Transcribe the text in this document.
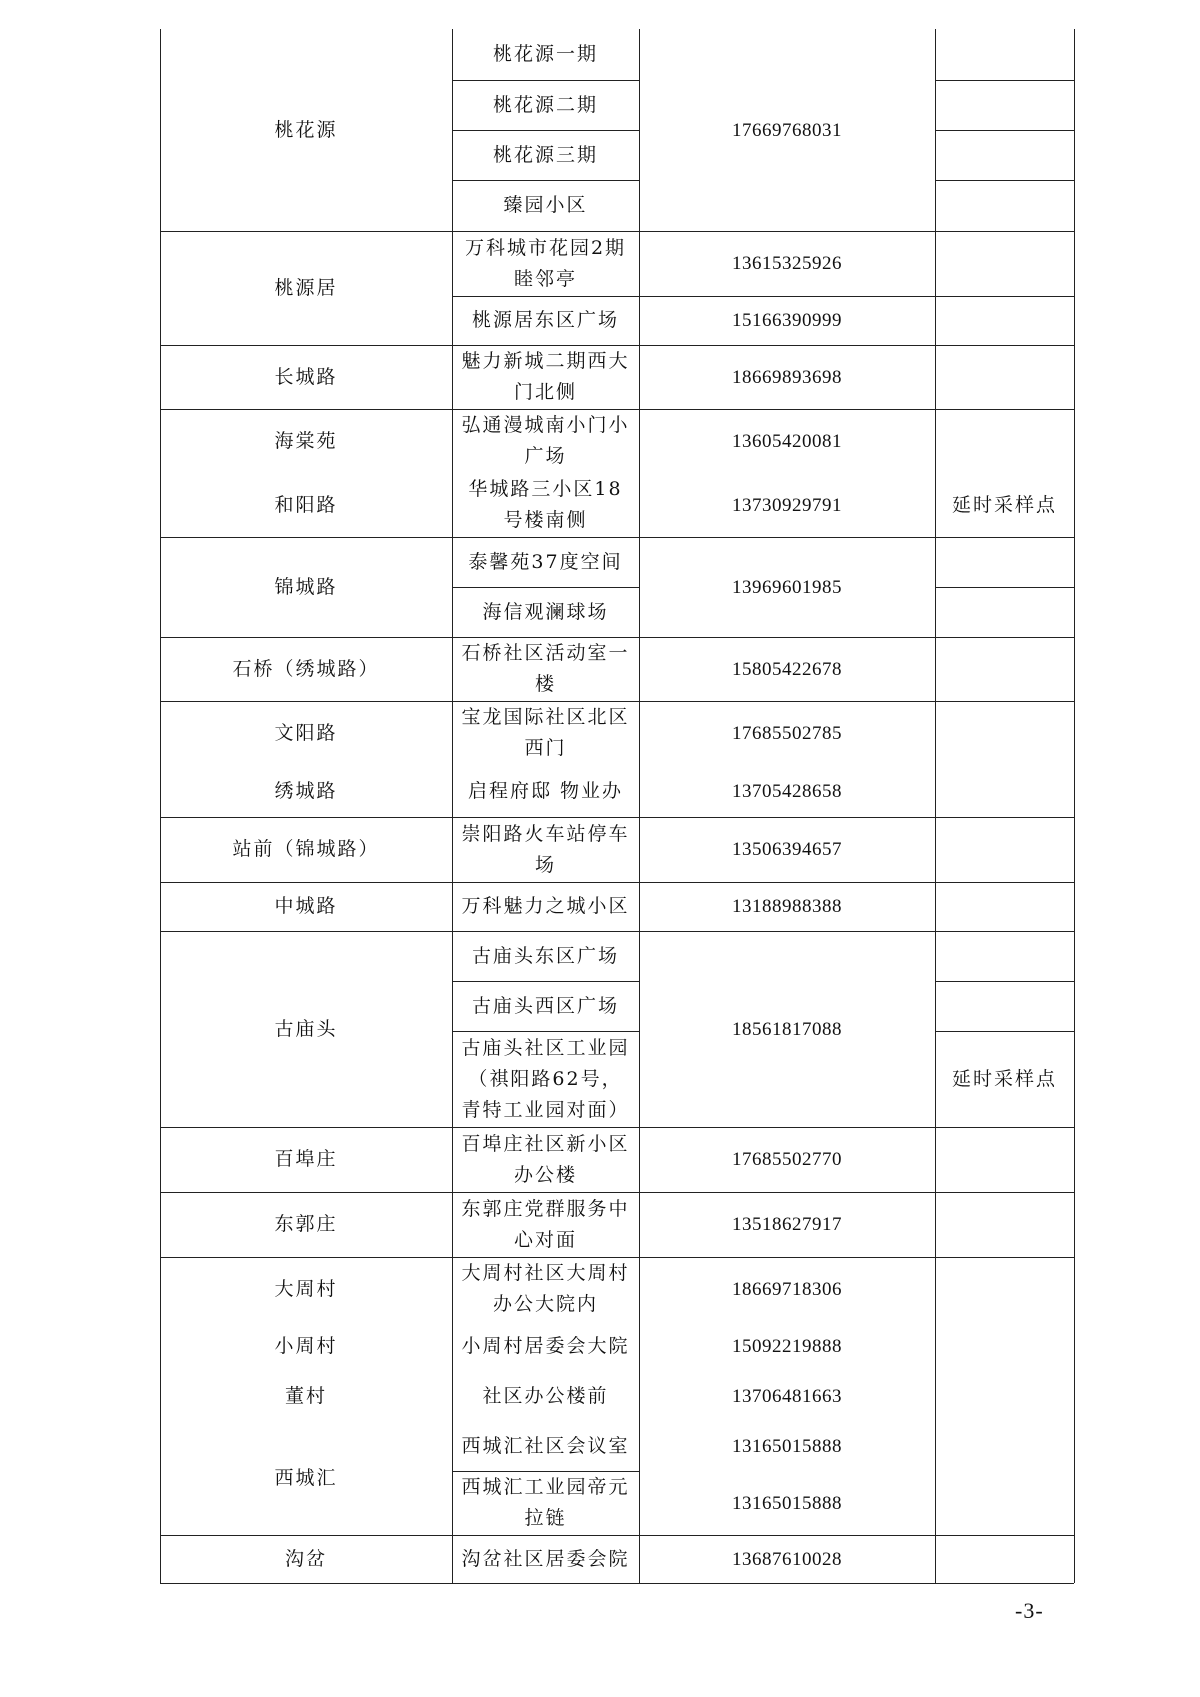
桃花源
桃源居
长城路
海棠苑
和阳路
锦城路
石桥（绣城路）
文阳路
绣城路
站前（锦城路）
中城路
古庙头
百埠庄
东郭庄
大周村
小周村
董村
西城汇
沟岔
桃花源一期
桃花源二期
桃花源三期
臻园小区
万科城市花园2期睦邻亭
桃源居东区广场
魅力新城二期西大门北侧
弘通漫城南小门小广场
华城路三小区18号楼南侧
泰馨苑37度空间
海信观澜球场
石桥社区活动室一楼
宝龙国际社区北区西门
启程府邸 物业办
崇阳路火车站停车场
万科魅力之城小区
古庙头东区广场
古庙头西区广场
古庙头社区工业园（祺阳路62号，青特工业园对面）
百埠庄社区新小区办公楼
东郭庄党群服务中心对面
大周村社区大周村办公大院内
小周村居委会大院
社区办公楼前
西城汇社区会议室
西城汇工业园帝元拉链
沟岔社区居委会院
17669768031
13615325926
15166390999
18669893698
13605420081
13730929791
13969601985
15805422678
17685502785
13705428658
13506394657
13188988388
18561817088
17685502770
13518627917
18669718306
15092219888
13706481663
13165015888
13165015888
13687610028
延时采样点
延时采样点
-3-
